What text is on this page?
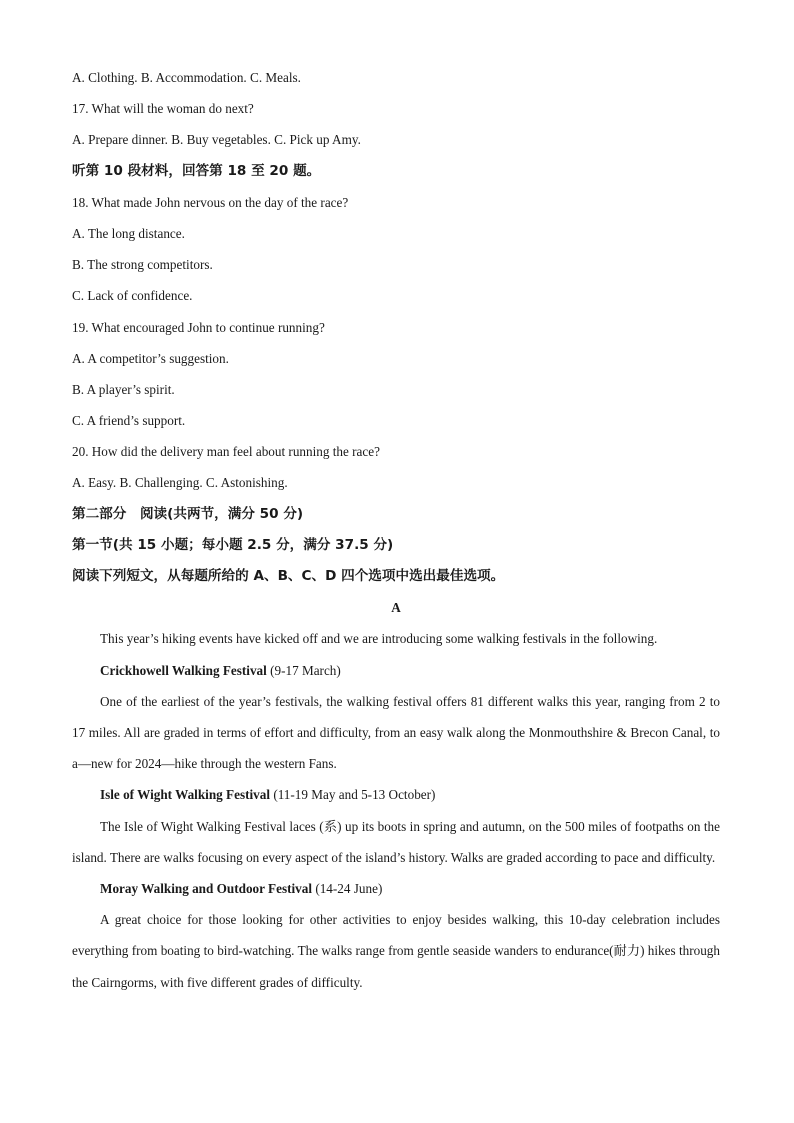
A. Clothing. B. Accommodation. C. Meals.
17. What will the woman do next?
A. Prepare dinner. B. Buy vegetables. C. Pick up Amy.
听第 10 段材料，回答第 18 至 20 题。
18. What made John nervous on the day of the race?
A. The long distance.
B. The strong competitors.
C. Lack of confidence.
19. What encouraged John to continue running?
A. A competitor’s suggestion.
B. A player’s spirit.
C. A friend’s support.
20. How did the delivery man feel about running the race?
A. Easy. B. Challenging. C. Astonishing.
第二部分　阅读(共两节，满分 50 分)
第一节(共 15 小题；每小题 2.5 分，满分 37.5 分)
阅读下列短文，从每题所给的 A、B、C、D 四个选项中选出最佳选项。
A
This year’s hiking events have kicked off and we are introducing some walking festivals in the following.
Crickhowell Walking Festival (9-17 March)
One of the earliest of the year’s festivals, the walking festival offers 81 different walks this year, ranging from 2 to 17 miles. All are graded in terms of effort and difficulty, from an easy walk along the Monmouthshire & Brecon Canal, to a—new for 2024—hike through the western Fans.
Isle of Wight Walking Festival (11-19 May and 5-13 October)
The Isle of Wight Walking Festival laces (系) up its boots in spring and autumn, on the 500 miles of footpaths on the island. There are walks focusing on every aspect of the island’s history. Walks are graded according to pace and difficulty.
Moray Walking and Outdoor Festival (14-24 June)
A great choice for those looking for other activities to enjoy besides walking, this 10-day celebration includes everything from boating to bird-watching. The walks range from gentle seaside wanders to endurance(耐力) hikes through the Cairngorms, with five different grades of difficulty.
